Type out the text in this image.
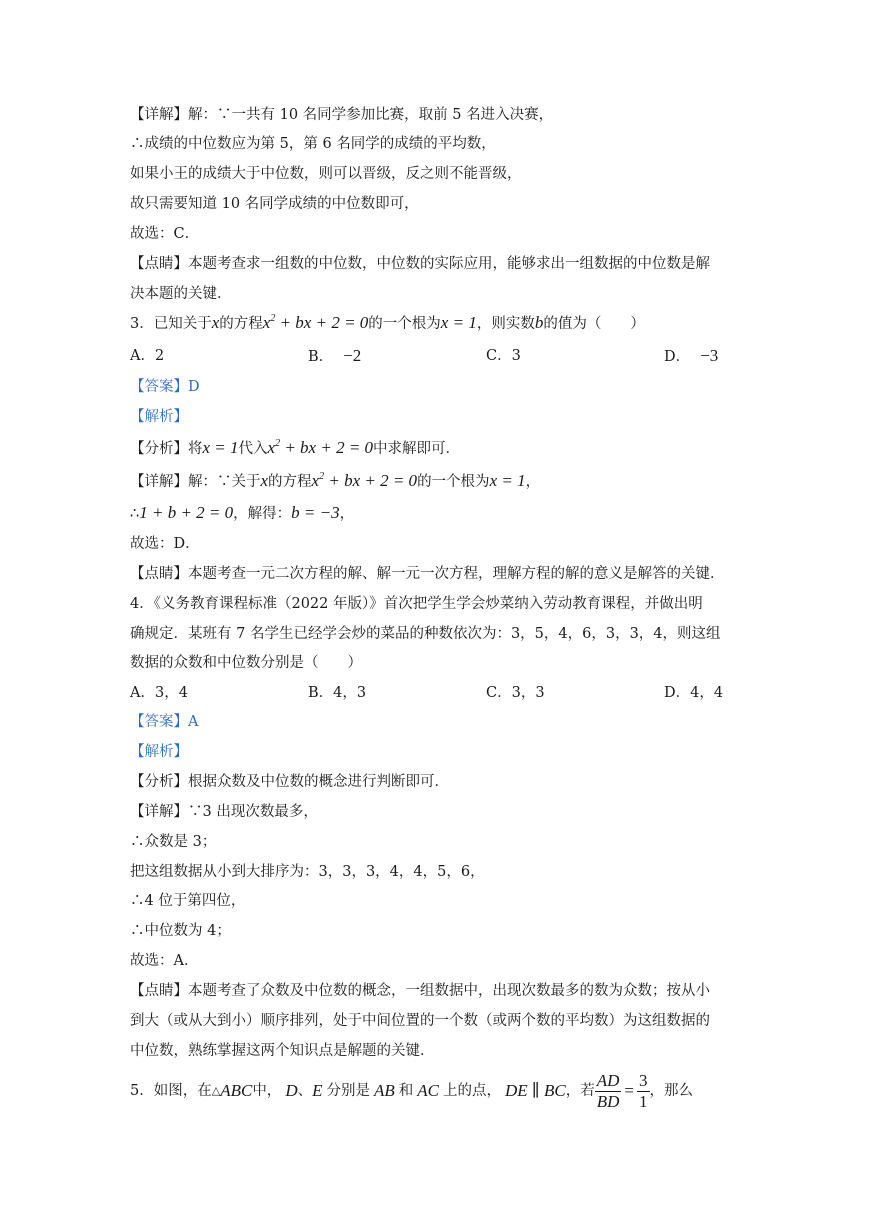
【详解】解：∵一共有 10 名同学参加比赛，取前 5 名进入决赛，
∴成绩的中位数应为第 5，第 6 名同学的成绩的平均数，
如果小王的成绩大于中位数，则可以晋级，反之则不能晋级，
故只需要知道 10 名同学成绩的中位数即可，
故选：C．
【点睛】本题考查求一组数的中位数，中位数的实际应用，能够求出一组数据的中位数是解
决本题的关键．
3．已知关于x的方程$x^2$ + bx + 2 = 0的一个根为x = 1，则实数b的值为（　　）
A．2	B． −2	C．3	D． −3
【答案】D
【解析】
【分析】将x = 1代入$x^2$ + bx + 2 = 0中求解即可．
【详解】解：∵关于x的方程$x^2$ + bx + 2 = 0的一个根为x = 1，
∴1 + b + 2 = 0，解得：b = −3，
故选：D．
【点睛】本题考查一元二次方程的解、解一元一次方程，理解方程的解的意义是解答的关键．
4．《义务教育课程标准（2022 年版）》首次把学生学会炒菜纳入劳动教育课程，并做出明
确规定．某班有 7 名学生已经学会炒的菜品的种数依次为：3，5，4，6，3，3，4，则这组
数据的众数和中位数分别是（　　）
A．3，4	B．4，3	C．3，3	D．4，4
【答案】A
【解析】
【分析】根据众数及中位数的概念进行判断即可．
【详解】∵3 出现次数最多，
∴众数是 3；
把这组数据从小到大排序为：3，3，3，4，4，5，6，
∴4 位于第四位，
∴中位数为 4；
故选：A．
【点睛】本题考查了众数及中位数的概念，一组数据中，出现次数最多的数为众数；按从小
到大（或从大到小）顺序排列，处于中间位置的一个数（或两个数的平均数）为这组数据的
中位数，熟练掌握这两个知识点是解题的关键．
5．如图，在 △ ABC 中， D 、 E 分别是 AB 和 AC 上的点， DE ∥ BC ，若 $\frac{AD}{BD} = \frac{3}{1}$ ，那么
